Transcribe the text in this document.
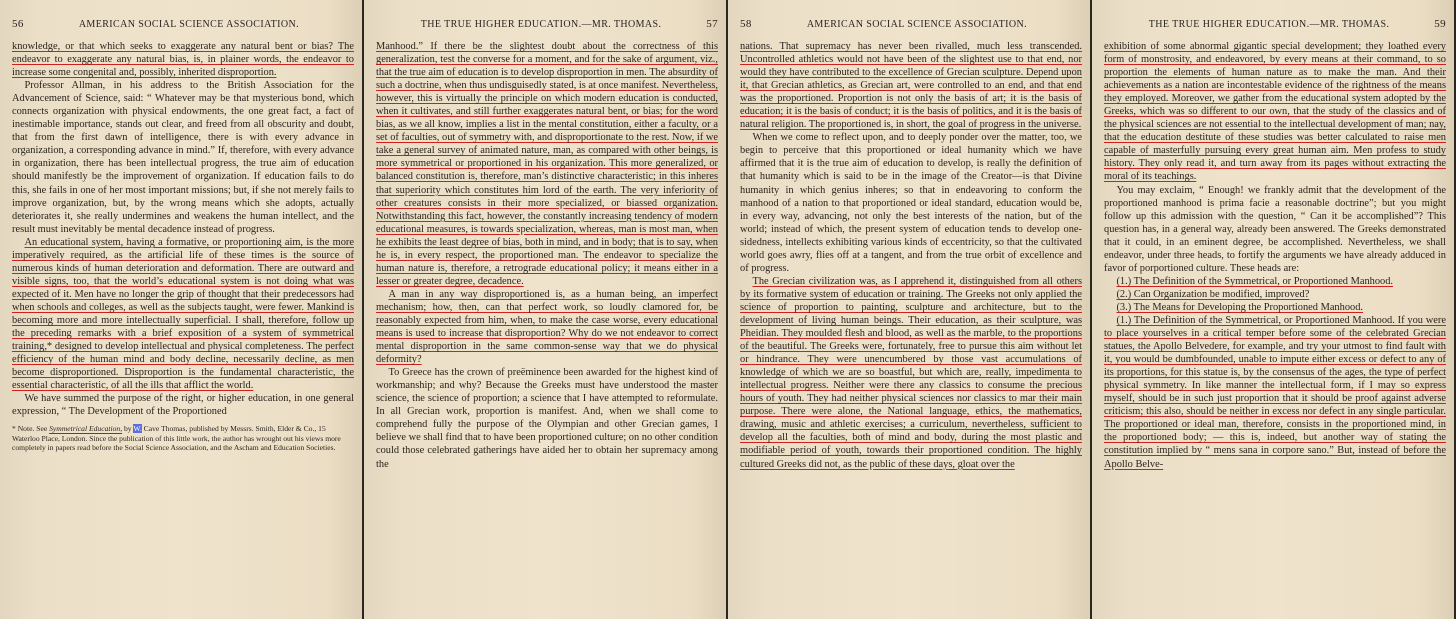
56	AMERICAN SOCIAL SCIENCE ASSOCIATION.

knowledge, or that which seeks to exaggerate any natural bent or bias? The endeavor to exaggerate any natural bias, is, in plainer words, the endeavor to increase some congenital and, possibly, inherited disproportion.

Professor Allman, in his address to the British Association for the Advancement of Science, said: “ Whatever may be that mysterious bond, which connects organization with physical endowments, the one great fact, a fact of inestimable importance, stands out clear, and freed from all obscurity and doubt, that from the first dawn of intelligence, there is with every advance in organization, a corresponding advance in mind.” If, therefore, with every advance in organization, there has been intellectual progress, the true aim of education should manifestly be the improvement of organization. If education fails to do this, she fails in one of her most important missions; but, if she not merely fails to improve organization, but, by the wrong means which she adopts, actually deteriorates it, she really undermines and weakens the human intellect, and the result must inevitably be mental decadence instead of progress.

An educational system, having a formative, or proportioning aim, is the more imperatively required, as the artificial life of these times is the source of numerous kinds of human deterioration and deformation. There are outward and visible signs, too, that the world’s educational system is not doing what was expected of it. Men have no longer the grip of thought that their predecessors had when schools and colleges, as well as the subjects taught, were fewer. Mankind is becoming more and more intellectually superficial. I shall, therefore, follow up the preceding remarks with a brief exposition of a system of symmetrical training,* designed to develop intellectual and physical completeness. The perfect efficiency of the human mind and body decline, necessarily decline, as men become disproportioned. Disproportion is the fundamental characteristic, the essential characteristic, of all the ills that afflict the world.

We have summed the purpose of the right, or higher education, in one general expression, “ The Development of the Proportioned

* Note. See Symmetrical Education, by W. Cave Thomas, published by Messrs. Smith, Elder & Co., 15 Waterloo Place, London. Since the publication of this little work, the author has wrought out his views more completely in papers read before the Social Science Association, and the Ascham and Education Societies.
THE TRUE HIGHER EDUCATION.—MR. THOMAS.	57

Manhood.” If there be the slightest doubt about the correctness of this generalization, test the converse for a moment, and for the sake of argument, viz., that the true aim of education is to develop disproportion in men. The absurdity of such a doctrine, when thus undisguisedly stated, is at once manifest. Nevertheless, however, this is virtually the principle on which modern education is conducted, when it cultivates, and still further exaggerates natural bent, or bias; for the word bias, as we all know, implies a list in the mental constitution, either a faculty, or a set of faculties, out of symmetry with, and disproportionate to the rest. Now, if we take a general survey of animated nature, man, as compared with other beings, is more symmetrical or proportioned in his organization. This more generalized, or balanced constitution is, therefore, man’s distinctive characteristic; in this inheres that superiority which constitutes him lord of the earth. The very inferiority of other creatures consists in their more specialized, or biassed organization. Notwithstanding this fact, however, the constantly increasing tendency of modern educational measures, is towards specialization, whereas, man is most man, when he exhibits the least degree of bias, both in mind, and in body; that is to say, when he is, in every respect, the proportioned man. The endeavor to specialize the human nature is, therefore, a retrograde educational policy; it means either in a lesser or greater degree, decadence.

A man in any way disproportioned is, as a human being, an imperfect mechanism; how, then, can that perfect work, so loudly clamored for, be reasonably expected from him, when, to make the case worse, every educational means is used to increase that disproportion? Why do we not endeavor to correct mental disproportion in the same common-sense way that we do physical deformity?

To Greece has the crown of preëminence been awarded for the highest kind of workmanship; and why? Because the Greeks must have understood the master science, the science of proportion; a science that I have attempted to reformulate. In all Grecian work, proportion is manifest. And, when we shall come to comprehend fully the purpose of the Olympian and other Grecian games, I believe we shall find that to have been proportioned culture; on no other condition could those celebrated gatherings have aided her to obtain her supremacy among the

58	AMERICAN SOCIAL SCIENCE ASSOCIATION.

nations. That supremacy has never been rivalled, much less transcended. Uncontrolled athletics would not have been of the slightest use to that end, nor would they have contributed to the excellence of Grecian sculpture. Depend upon it, that Grecian athletics, as Grecian art, were controlled to an end, and that end was the proportioned. Proportion is not only the basis of art; it is the basis of education; it is the basis of conduct; it is the basis of politics, and it is the basis of natural religion. The proportioned is, in short, the goal of progress in the universe.

When we come to reflect upon, and to deeply ponder over the matter, too, we begin to perceive that this proportioned or ideal humanity which we have affirmed that it is the true aim of education to develop, is really the definition of that humanity which is said to be in the image of the Creator—is that Divine humanity in which genius inheres; so that in endeavoring to conform the manhood of a nation to that proportioned or ideal standard, education would be, in every way, advancing, not only the best interests of the nation, but of the world; instead of which, the present system of education tends to develop one-sidedness, intellects exhibiting various kinds of eccentricity, so that the cultivated world goes awry, flies off at a tangent, and from the true orbit of excellence and of progress.

The Grecian civilization was, as I apprehend it, distinguished from all others by its formative system of education or training. The Greeks not only applied the science of proportion to painting, sculpture and architecture, but to the development of living human beings. Their education, as their sculpture, was Pheidian. They moulded flesh and blood, as well as the marble, to the proportions of the beautiful. The Greeks were, fortunately, free to pursue this aim without let or hindrance. They were unencumbered by those vast accumulations of knowledge of which we are so boastful, but which are, really, impedimenta to intellectual progress. Neither were there any classics to consume the precious hours of youth. They had neither physical sciences nor classics to mar their main purpose. There were alone, the National language, ethics, the mathematics, drawing, music and athletic exercises; a curriculum, nevertheless, sufficient to develop all the faculties, both of mind and body, during the most plastic and modifiable period of youth, towards their proportioned condition. The highly cultured Greeks did not, as the public of these days, gloat over the

THE TRUE HIGHER EDUCATION.—MR. THOMAS.	59

exhibition of some abnormal gigantic special development; they loathed every form of monstrosity, and endeavored, by every means at their command, to so proportion the elements of human nature as to make the man. And their achievements as a nation are incontestable evidence of the rightness of the means they employed. Moreover, we gather from the educational system adopted by the Greeks, which was so different to our own, that the study of the classics and of the physical sciences are not essential to the intellectual development of man; nay, that the education destitute of these studies was better calculated to raise men capable of masterfully pursuing every great human aim. Men profess to study history. They only read it, and turn away from its pages without extracting the moral of its teachings.

You may exclaim, “ Enough! we frankly admit that the development of the proportioned manhood is prima facie a reasonable doctrine”; but you might follow up this admission with the question, “ Can it be accomplished”? This question has, in a general way, already been answered. The Greeks demonstrated that it could, in an eminent degree, be accomplished. Nevertheless, we shall endeavor, under three heads, to fortify the arguments we have already adduced in favor of porportioned culture. These heads are:

(1.) The Definition of the Symmetrical, or Proportioned Manhood.

(2.) Can Organization be modified, improved?

(3.) The Means for Developing the Proportioned Manhood.

(1.) The Definition of the Symmetrical, or Proportioned Manhood. If you were to place yourselves in a critical temper before some of the celebrated Grecian statues, the Apollo Belvedere, for example, and try your utmost to find fault with it, you would be dumbfounded, unable to impute either excess or defect to any of its proportions, for this statue is, by the consensus of the ages, the type of perfect physical symmetry. In like manner the intellectual form, if I may so express myself, should be in such just proportion that it should be proof against adverse criticism; this also, should be neither in excess nor defect in any single particular. The proportioned or ideal man, therefore, consists in the proportioned mind, in the proportioned body; — this is, indeed, but another way of stating the constitution implied by “ mens sana in corpore sano.” But, instead of before the Apollo Belve-
